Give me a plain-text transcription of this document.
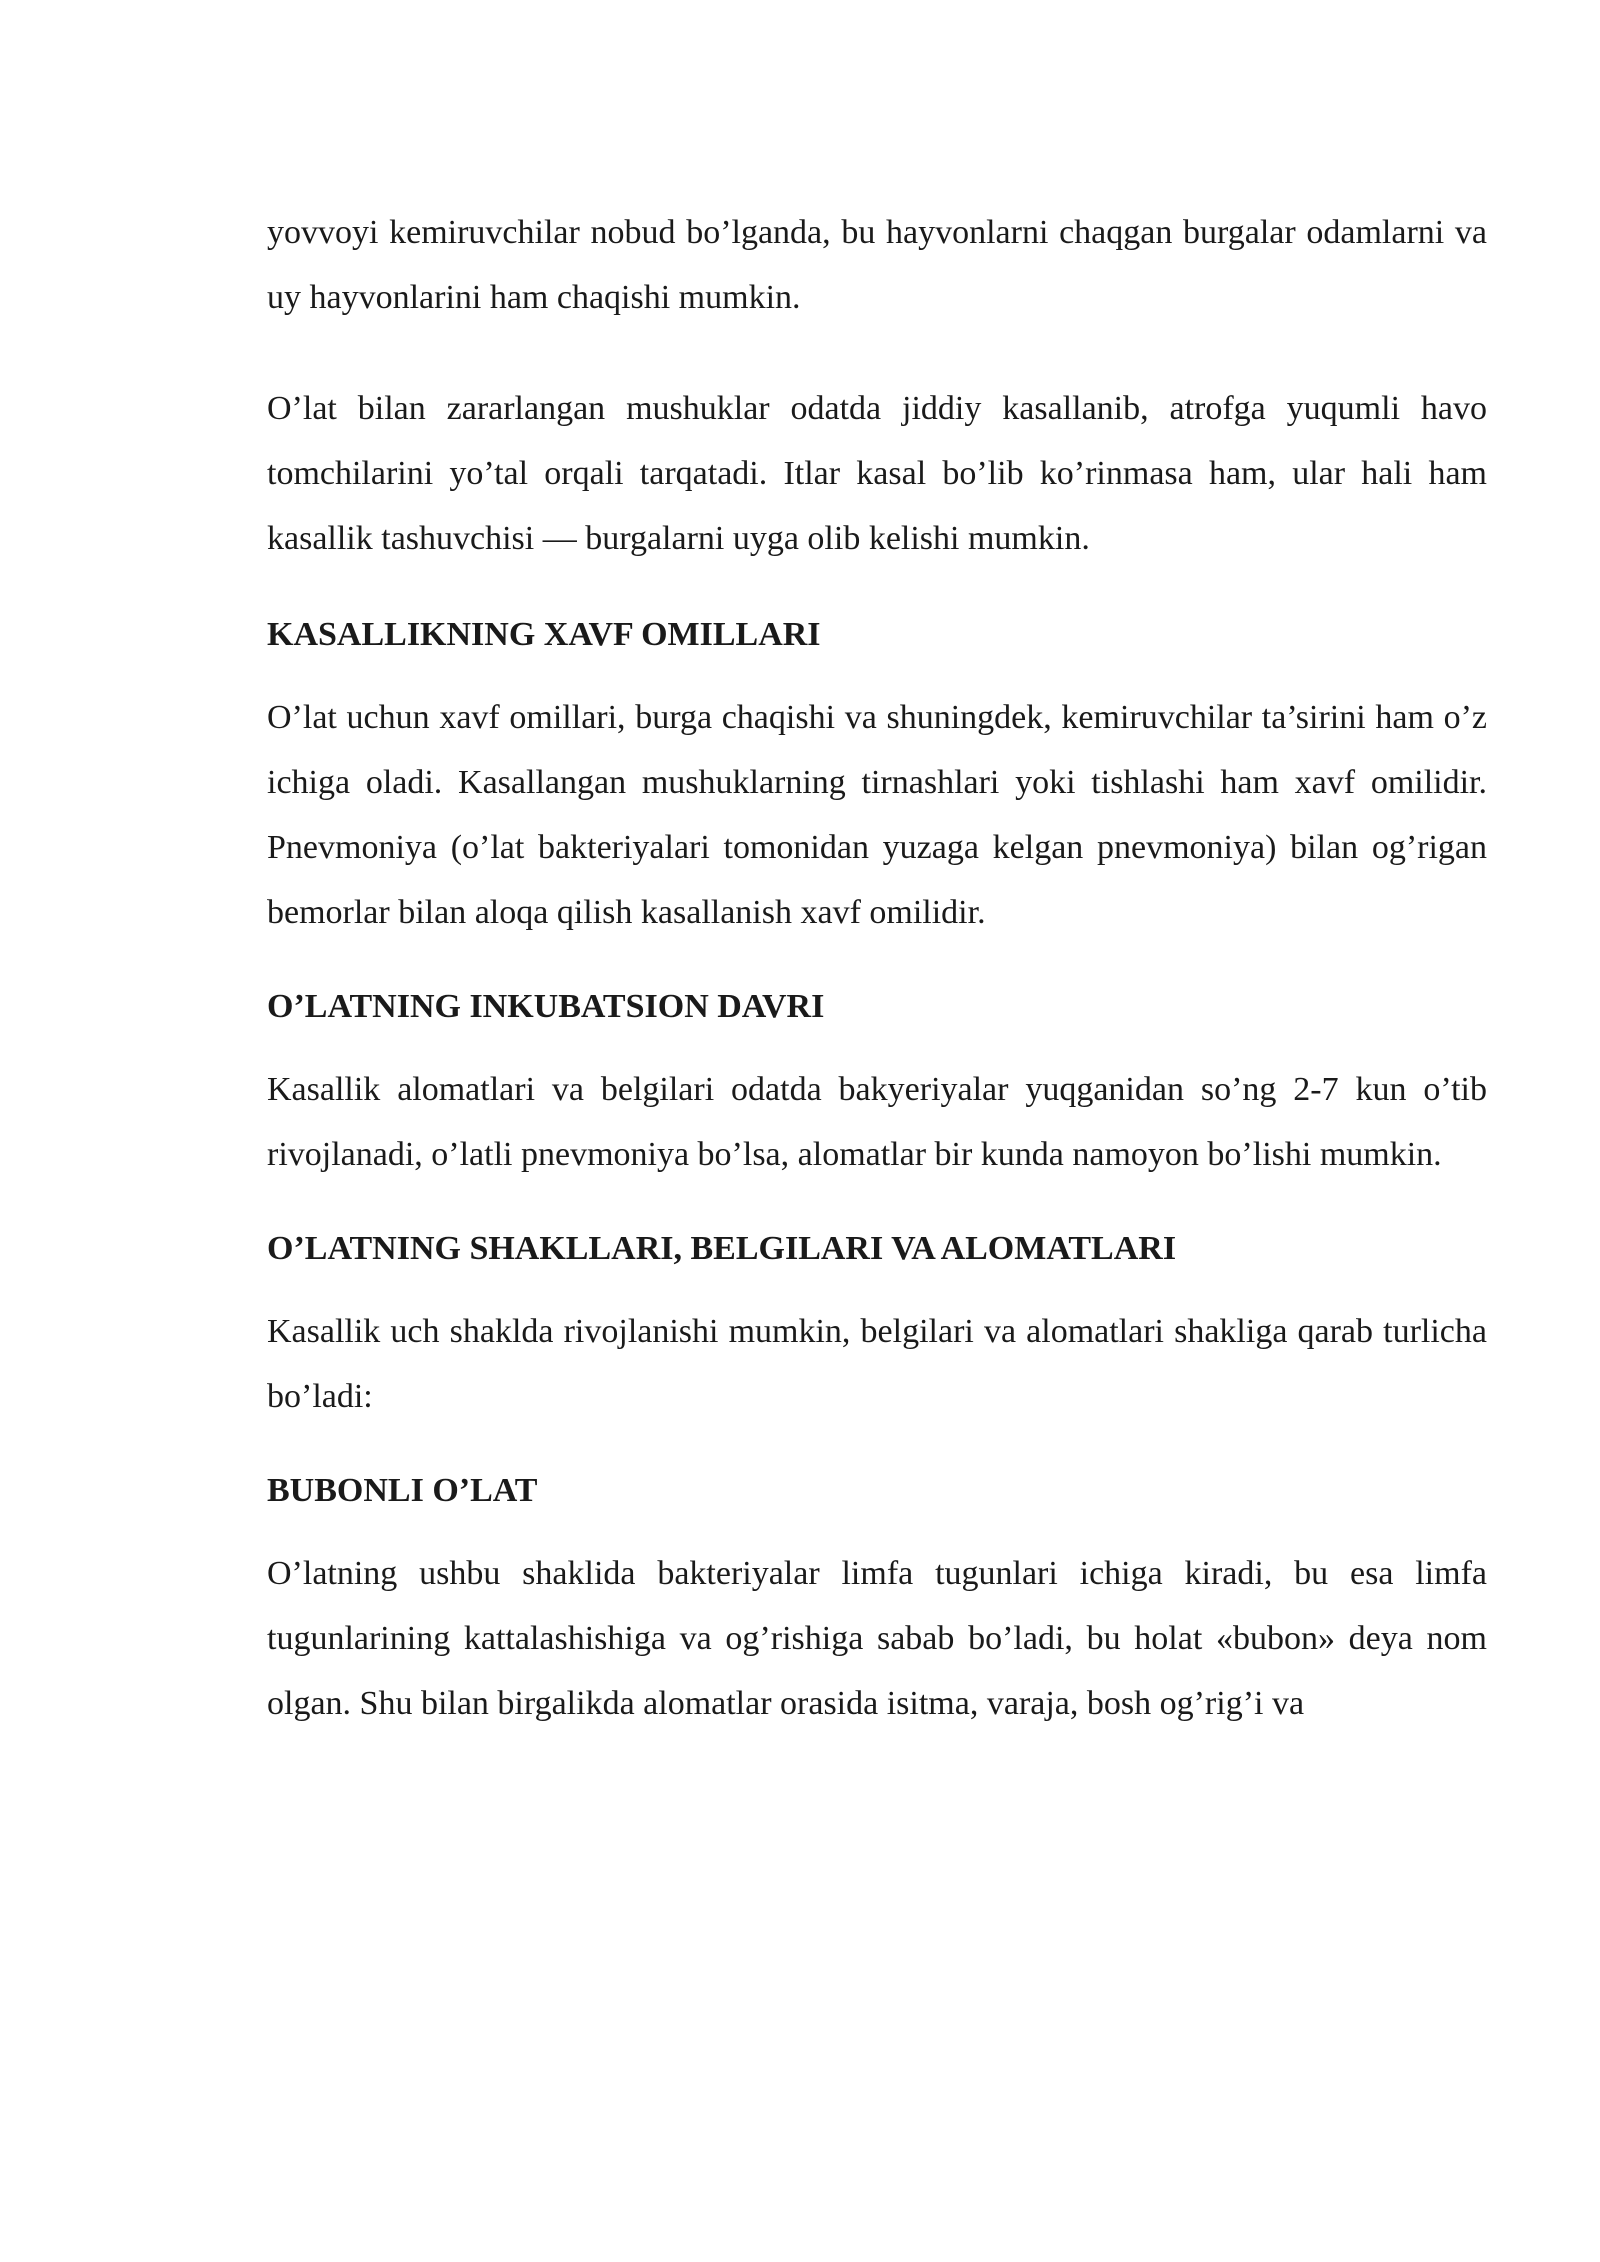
yovvoyi kemiruvchilar nobud bo’lganda, bu hayvonlarni chaqgan burgalar odamlarni va uy hayvonlarini ham chaqishi mumkin.

O’lat bilan zararlangan mushuklar odatda jiddiy kasallanib, atrofga yuqumli havo tomchilarini yo’tal orqali tarqatadi. Itlar kasal bo’lib ko’rinmasa ham, ular hali ham kasallik tashuvchisi — burgalarni uyga olib kelishi mumkin.

KASALLIKNING XAVF OMILLARI

O’lat uchun xavf omillari, burga chaqishi va shuningdek, kemiruvchilar ta’sirini ham o’z ichiga oladi. Kasallangan mushuklarning tirnashlari yoki tishlashi ham xavf omilidir. Pnevmoniya (o’lat bakteriyalari tomonidan yuzaga kelgan pnevmoniya) bilan og’rigan bemorlar bilan aloqa qilish kasallanish xavf omilidir.

O’LATNING INKUBATSION DAVRI

Kasallik alomatlari va belgilari odatda bakyeriyalar yuqganidan so’ng 2-7 kun o’tib rivojlanadi, o’latli pnevmoniya bo’lsa, alomatlar bir kunda namoyon bo’lishi mumkin.

O’LATNING SHAKLLARI, BELGILARI VA ALOMATLARI

Kasallik uch shaklda rivojlanishi mumkin, belgilari va alomatlari shakliga qarab turlicha bo’ladi:

BUBONLI O’LAT

O’latning ushbu shaklida bakteriyalar limfa tugunlari ichiga kiradi, bu esa limfa tugunlarining kattalashishiga va og’rishiga sabab bo’ladi, bu holat «bubon» deya nom olgan. Shu bilan birgalikda alomatlar orasida isitma, varaja, bosh og’rig’i va
